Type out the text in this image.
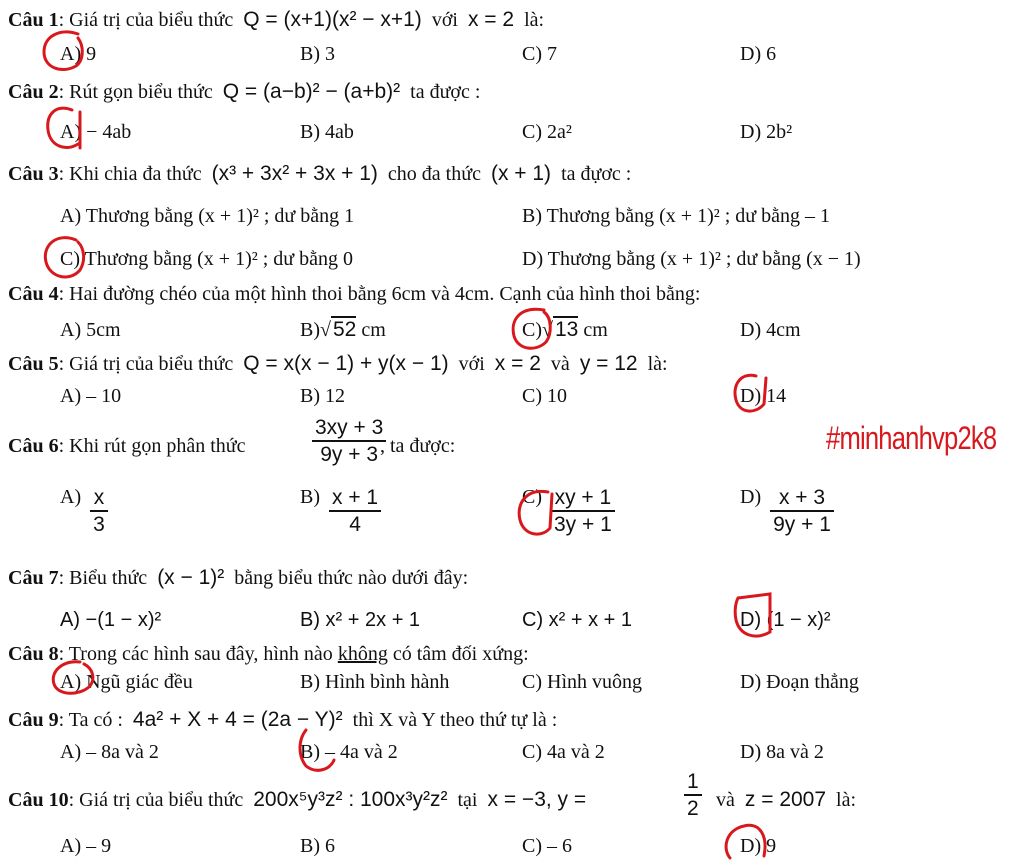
Câu 1: Giá trị của biểu thức Q = (x+1)(x² − x+1) với x = 2 là:
A) 9	B) 3	C) 7	D) 6
Câu 2: Rút gọn biểu thức Q = (a−b)² − (a+b)² ta được :
A) − 4ab	B) 4ab	C) 2a²	D) 2b²
Câu 3: Khi chia đa thức (x³ + 3x² + 3x + 1) cho đa thức (x + 1) ta đựơc :
A) Thương bằng (x + 1)² ; dư bằng 1	B) Thương bằng (x + 1)² ; dư bằng – 1
C) Thương bằng (x + 1)² ; dư bằng 0	D) Thương bằng (x + 1)² ; dư bằng (x − 1)
Câu 4: Hai đường chéo của một hình thoi bằng 6cm và 4cm. Cạnh của hình thoi bằng:
A) 5cm	B)√52 cm	C)√13 cm	D) 4cm
Câu 5: Giá trị của biểu thức Q = x(x − 1) + y(x − 1) với x = 2 và y = 12 là:
A) – 10	B) 12	C) 10	D) 14
Câu 6: Khi rút gọn phân thức	$\frac{3xy + 3}{9y + 3}$
, ta được:
$A) \frac{x}{3}$	$B) \frac{x + 1}{4}$	$C) \frac{xy + 1}{3y + 1}$	$D) \frac{x + 3}{9y + 1}$
Câu 7: Biểu thức (x − 1)² bằng biểu thức nào dưới đây:
A) −(1 − x)²	B) x² + 2x + 1	C) x² + x + 1	D) (1 − x)²
Câu 8: Trong các hình sau đây, hình nào không có tâm đối xứng:
A) Ngũ giác đều	B) Hình bình hành	C) Hình vuông	D) Đoạn thẳng
Câu 9: Ta có : 4a² + X + 4 = (2a − Y)² thì X và Y theo thứ tự là :
A) – 8a và 2	B) – 4a và 2	C) 4a và 2	D) 8a và 2
Câu 10: Giá trị của biểu thức 200x⁵y³z² : 100x³y²z² tại x = −3, y =	$\frac{1}{2}$ và z = 2007 là:
A) – 9	B) 6	C) – 6	D) 9
#minhanhvp2k8
